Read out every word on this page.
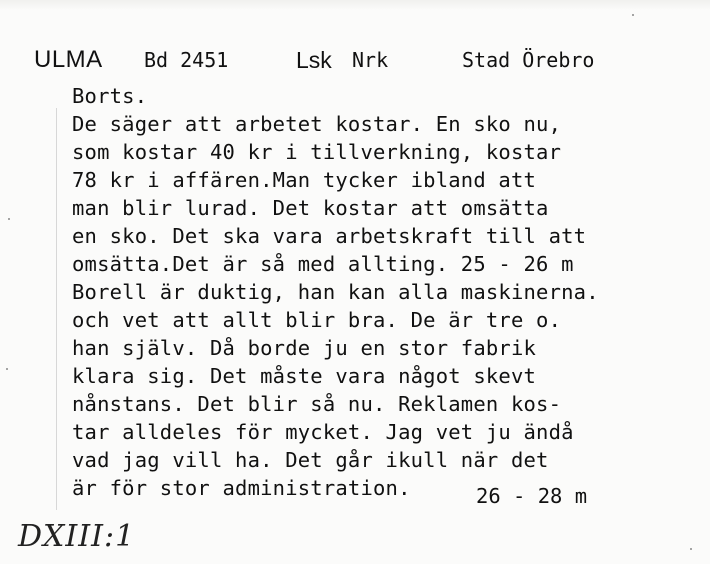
ULMA Bd 2451	Lsk Nrk	Stad Örebro
Borts.
De säger att arbetet kostar. En sko nu,
som kostar 40 kr i tillverkning, kostar
78 kr i affären.Man tycker ibland att
man blir lurad. Det kostar att omsätta
en sko. Det ska vara arbetskraft till att
omsätta.Det är så med allting. 25 - 26 m
Borell är duktig, han kan alla maskinerna.
och vet att allt blir bra. De är tre o.
han själv. Då borde ju en stor fabrik
klara sig. Det måste vara något skevt
nånstans. Det blir så nu. Reklamen kos-
tar alldeles för mycket. Jag vet ju ändå
vad jag vill ha. Det går ikull när det
är för stor administration.	26 - 28 m
DXIII:1
